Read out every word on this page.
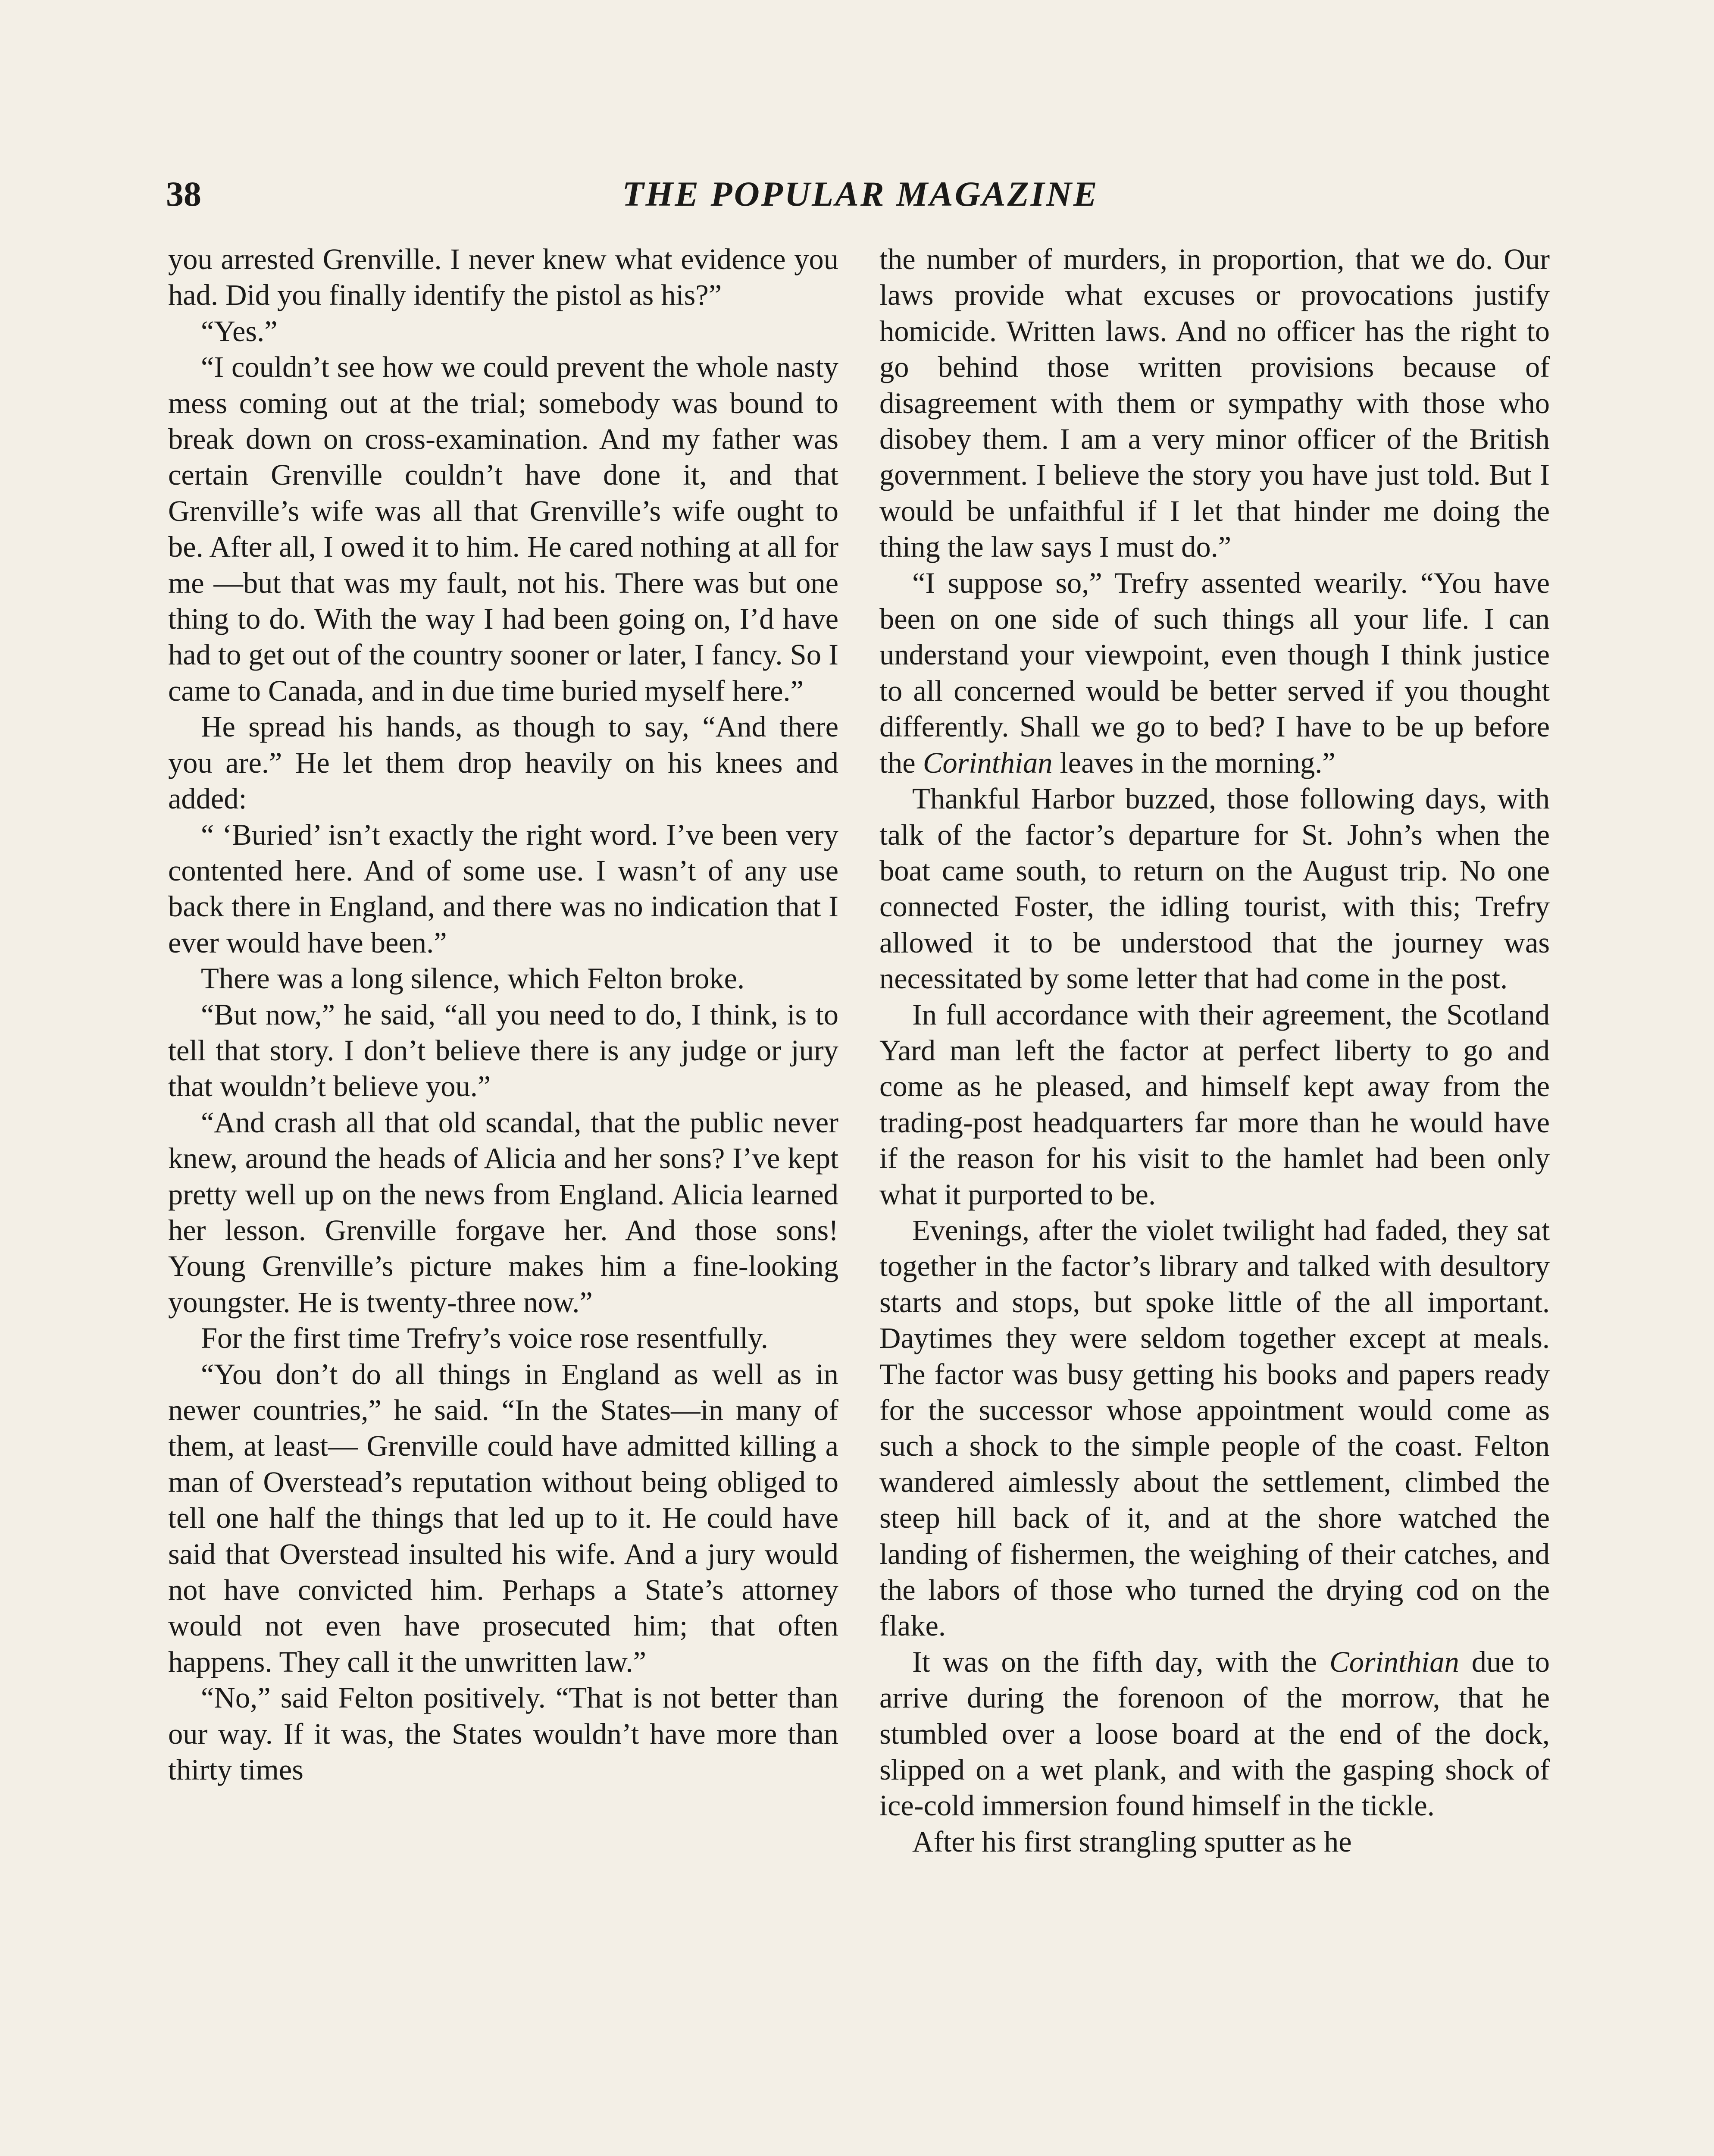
38	THE POPULAR MAGAZINE

you arrested Grenville. I never knew what evidence you had. Did you finally identify the pistol as his?”

“Yes.”

“I couldn’t see how we could prevent the whole nasty mess coming out at the trial; somebody was bound to break down on cross-examination. And my father was certain Grenville couldn’t have done it, and that Grenville’s wife was all that Grenville’s wife ought to be. After all, I owed it to him. He cared nothing at all for me —but that was my fault, not his. There was but one thing to do. With the way I had been going on, I’d have had to get out of the country sooner or later, I fancy. So I came to Canada, and in due time buried myself here.”

He spread his hands, as though to say, “And there you are.” He let them drop heavily on his knees and added:

“ ‘Buried’ isn’t exactly the right word. I’ve been very contented here. And of some use. I wasn’t of any use back there in England, and there was no indication that I ever would have been.”

There was a long silence, which Felton broke.

“But now,” he said, “all you need to do, I think, is to tell that story. I don’t believe there is any judge or jury that wouldn’t believe you.”

“And crash all that old scandal, that the public never knew, around the heads of Alicia and her sons? I’ve kept pretty well up on the news from England. Alicia learned her lesson. Grenville forgave her. And those sons! Young Grenville’s picture makes him a fine-looking youngster. He is twenty-three now.”

For the first time Trefry’s voice rose resentfully.

“You don’t do all things in England as well as in newer countries,” he said. “In the States—in many of them, at least— Grenville could have admitted killing a man of Overstead’s reputation without being obliged to tell one half the things that led up to it. He could have said that Overstead insulted his wife. And a jury would not have convicted him. Perhaps a State’s attorney would not even have prosecuted him; that often happens. They call it the unwritten law.”

“No,” said Felton positively. “That is not better than our way. If it was, the States wouldn’t have more than thirty times

the number of murders, in proportion, that we do. Our laws provide what excuses or provocations justify homicide. Written laws. And no officer has the right to go behind those written provisions because of disagreement with them or sympathy with those who disobey them. I am a very minor officer of the British government. I believe the story you have just told. But I would be unfaithful if I let that hinder me doing the thing the law says I must do.”

“I suppose so,” Trefry assented wearily. “You have been on one side of such things all your life. I can understand your viewpoint, even though I think justice to all concerned would be better served if you thought differently. Shall we go to bed? I have to be up before the Corinthian leaves in the morning.”

Thankful Harbor buzzed, those following days, with talk of the factor’s departure for St. John’s when the boat came south, to return on the August trip. No one connected Foster, the idling tourist, with this; Trefry allowed it to be understood that the journey was necessitated by some letter that had come in the post.

In full accordance with their agreement, the Scotland Yard man left the factor at perfect liberty to go and come as he pleased, and himself kept away from the trading-post headquarters far more than he would have if the reason for his visit to the hamlet had been only what it purported to be.

Evenings, after the violet twilight had faded, they sat together in the factor’s library and talked with desultory starts and stops, but spoke little of the all important. Daytimes they were seldom together except at meals. The factor was busy getting his books and papers ready for the successor whose appointment would come as such a shock to the simple people of the coast. Felton wandered aimlessly about the settlement, climbed the steep hill back of it, and at the shore watched the landing of fishermen, the weighing of their catches, and the labors of those who turned the drying cod on the flake.

It was on the fifth day, with the Corinthian due to arrive during the forenoon of the morrow, that he stumbled over a loose board at the end of the dock, slipped on a wet plank, and with the gasping shock of ice-cold immersion found himself in the tickle.

After his first strangling sputter as he
